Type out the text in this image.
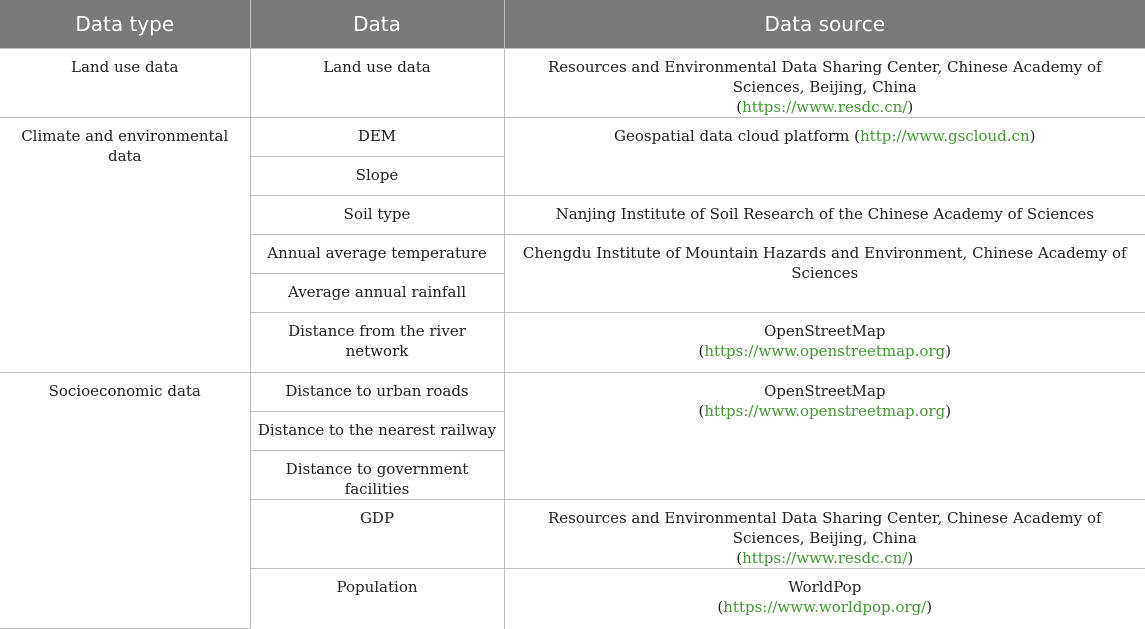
Data type	Data	Data source
Land use data	Land use data	Resources and Environmental Data Sharing Center, Chinese Academy of Sciences, Beijing, China
(https://www.resdc.cn/)

Climate and environmental data	DEM	Geospatial data cloud platform (http://www.gscloud.cn)
	Slope	
	Soil type	Nanjing Institute of Soil Research of the Chinese Academy of Sciences
	Annual average temperature	Chengdu Institute of Mountain Hazards and Environment, Chinese Academy of Sciences
	Average annual rainfall	
	Distance from the river network	OpenStreetMap
(https://www.openstreetmap.org)

Socioeconomic data	Distance to urban roads	OpenStreetMap
(https://www.openstreetmap.org)

	Distance to the nearest railway	
	Distance to government facilities	
	GDP	Resources and Environmental Data Sharing Center, Chinese Academy of Sciences, Beijing, China
(https://www.resdc.cn/)

	Population	WorldPop
(https://www.worldpop.org/)
